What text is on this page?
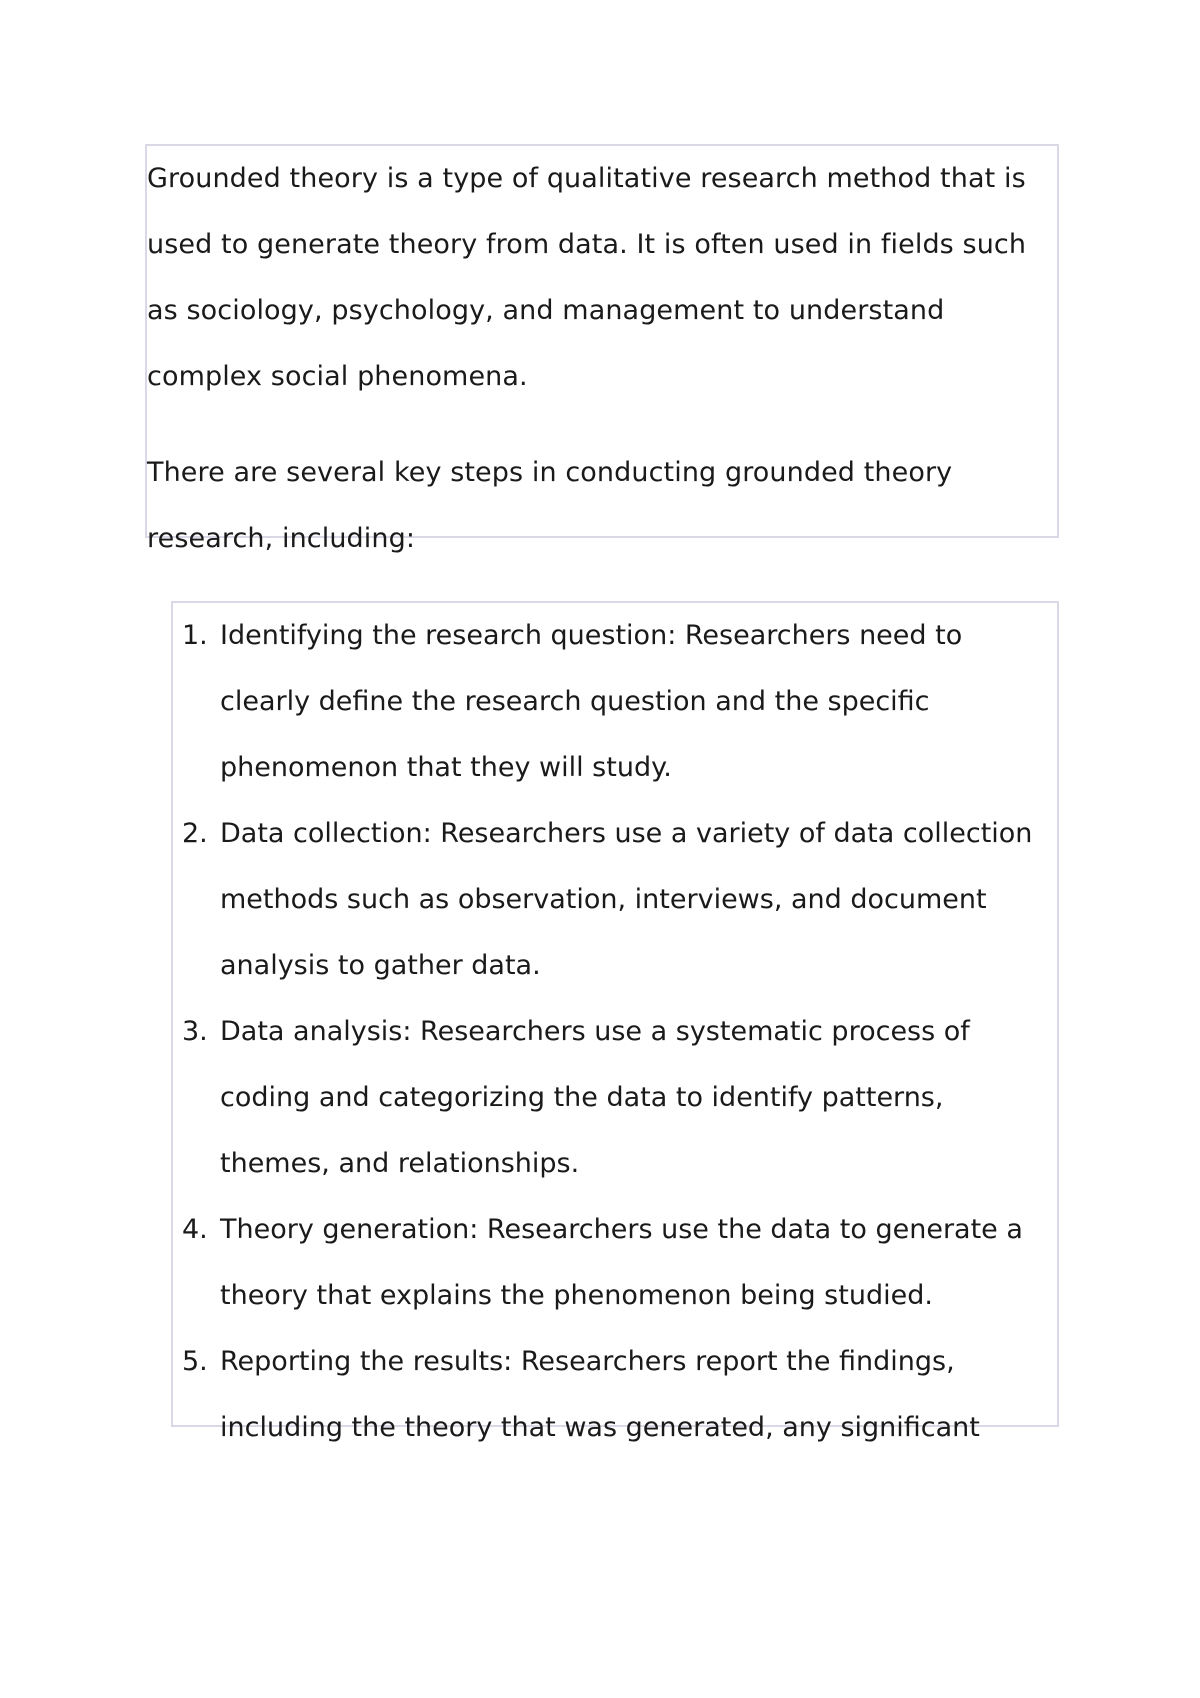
Grounded theory is a type of qualitative research method that is used to generate theory from data. It is often used in fields such as sociology, psychology, and management to understand complex social phenomena.

There are several key steps in conducting grounded theory research, including:

1. Identifying the research question: Researchers need to clearly define the research question and the specific phenomenon that they will study.
2. Data collection: Researchers use a variety of data collection methods such as observation, interviews, and document analysis to gather data.
3. Data analysis: Researchers use a systematic process of coding and categorizing the data to identify patterns, themes, and relationships.
4. Theory generation: Researchers use the data to generate a theory that explains the phenomenon being studied.
5. Reporting the results: Researchers report the findings, including the theory that was generated, any significant
